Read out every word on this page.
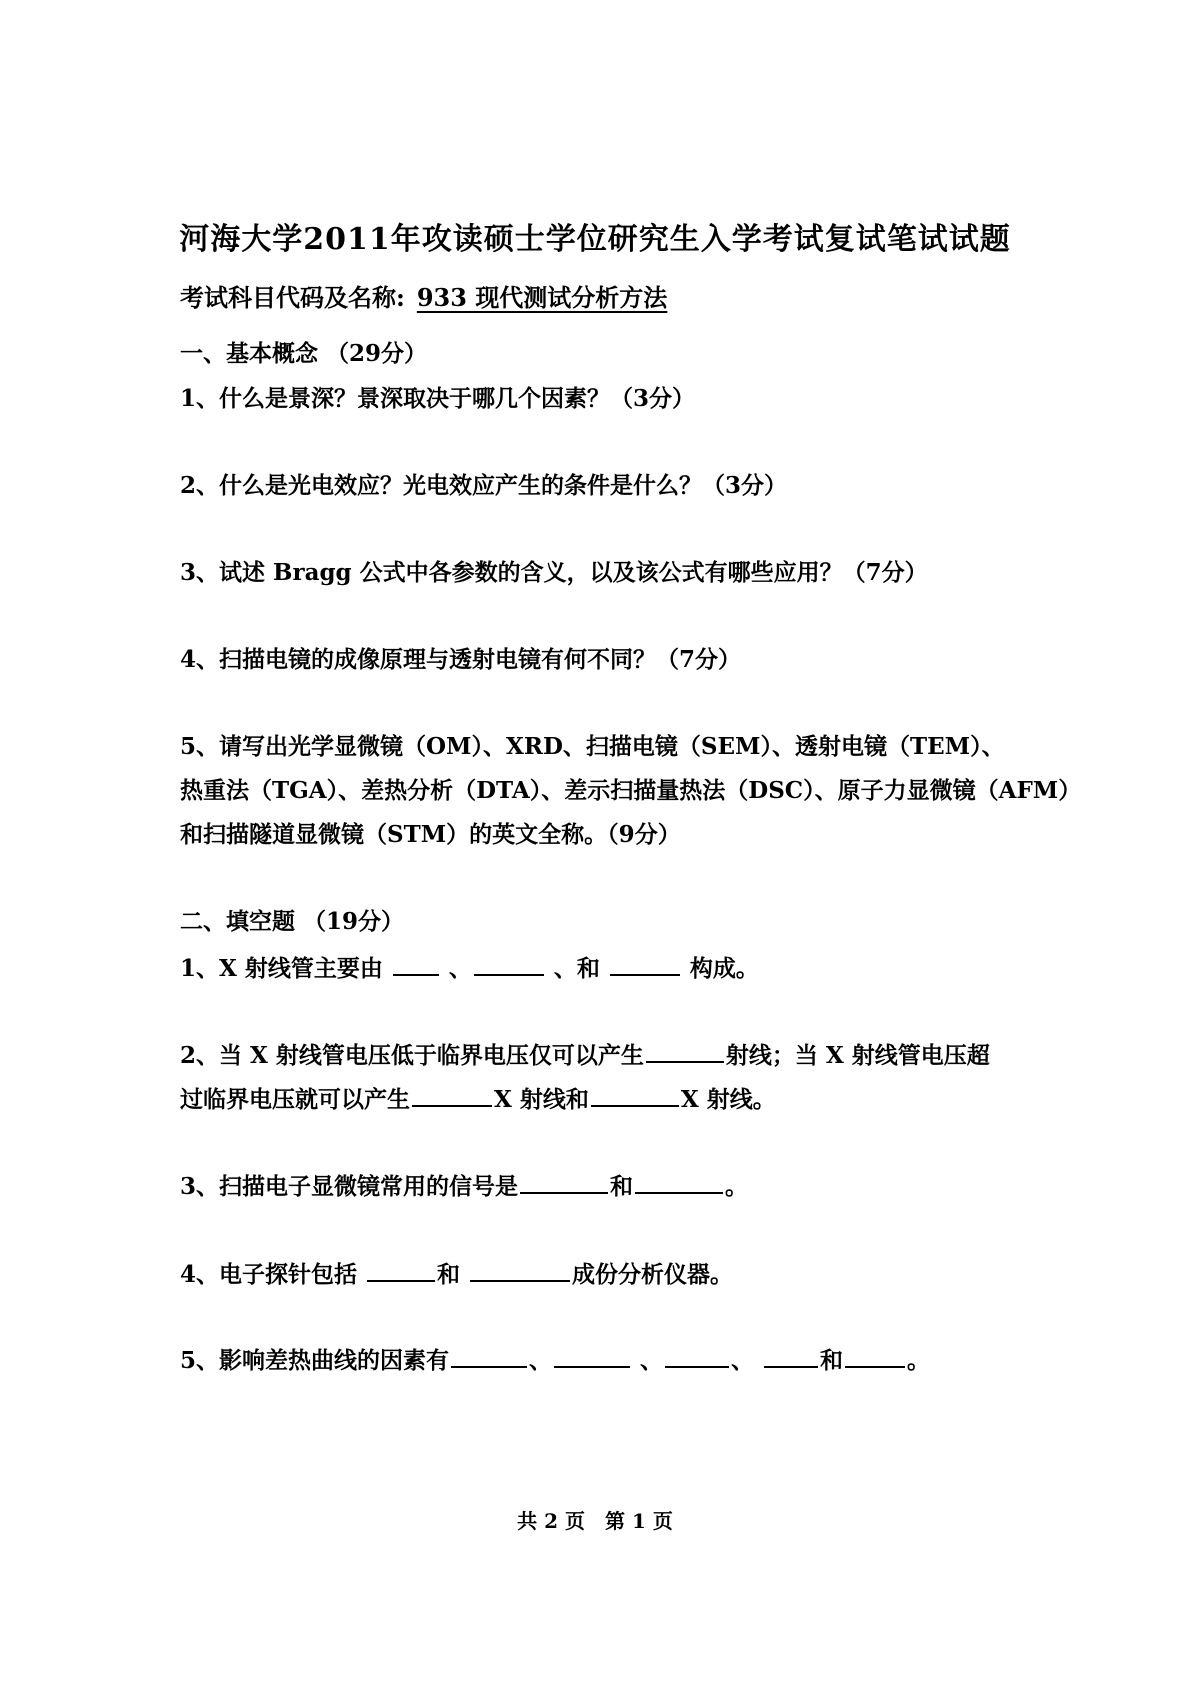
河海大学2011年攻读硕士学位研究生入学考试复试笔试试题
考试科目代码及名称: 933 现代测试分析方法
一、基本概念 （29分）
1、什么是景深？景深取决于哪几个因素？（3分）
2、什么是光电效应？光电效应产生的条件是什么？（3分）
3、试述 Bragg 公式中各参数的含义，以及该公式有哪些应用？（7分）
4、扫描电镜的成像原理与透射电镜有何不同？（7分）
5、请写出光学显微镜（OM）、XRD、扫描电镜（SEM）、透射电镜（TEM）、
热重法（TGA）、差热分析（DTA）、差示扫描量热法（DSC）、原子力显微镜（AFM）
和扫描隧道显微镜（STM）的英文全称。（9分）
二、填空题 （19分）
1、X 射线管主要由  、	、和	构成。
2、当 X 射线管电压低于临界电压仅可以产生	射线；当 X 射线管电压超
过临界电压就可以产生	X 射线和	X 射线。
3、扫描电子显微镜常用的信号是	和	。
4、电子探针包括	和	成份分析仪器。
5、影响差热曲线的因素有	、	、	、	和	。
共 2 页 第 1 页
